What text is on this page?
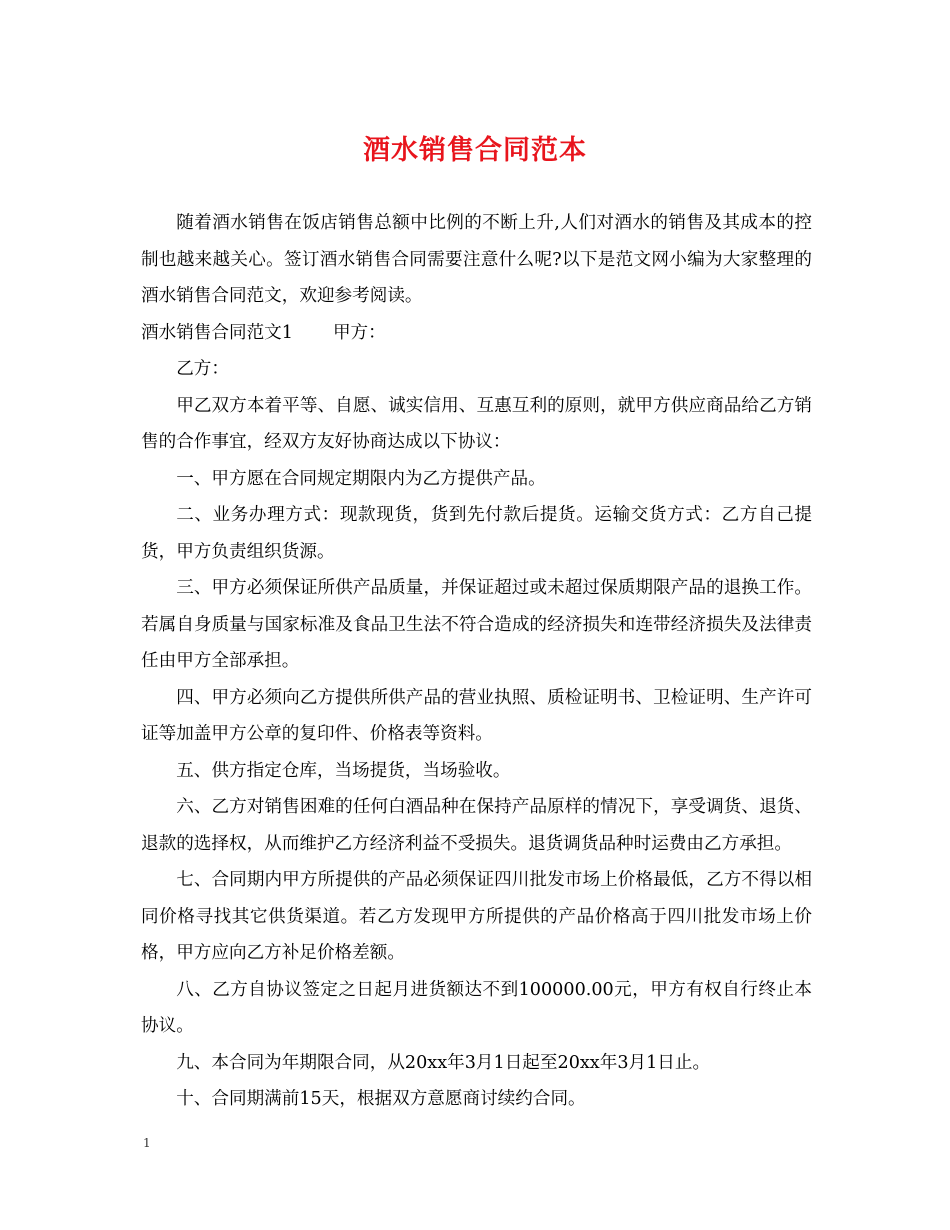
酒水销售合同范本

随着酒水销售在饭店销售总额中比例的不断上升,人们对酒水的销售及其成本的控制也越来越关心。签订酒水销售合同需要注意什么呢?以下是范文网小编为大家整理的酒水销售合同范文，欢迎参考阅读。

酒水销售合同范文1 甲方：

乙方：

甲乙双方本着平等、自愿、诚实信用、互惠互利的原则，就甲方供应商品给乙方销售的合作事宜，经双方友好协商达成以下协议：

一、甲方愿在合同规定期限内为乙方提供产品。

二、业务办理方式：现款现货，货到先付款后提货。运输交货方式：乙方自己提货，甲方负责组织货源。

三、甲方必须保证所供产品质量，并保证超过或未超过保质期限产品的退换工作。若属自身质量与国家标准及食品卫生法不符合造成的经济损失和连带经济损失及法律责任由甲方全部承担。

四、甲方必须向乙方提供所供产品的营业执照、质检证明书、卫检证明、生产许可证等加盖甲方公章的复印件、价格表等资料。

五、供方指定仓库，当场提货，当场验收。

六、乙方对销售困难的任何白酒品种在保持产品原样的情况下，享受调货、退货、退款的选择权，从而维护乙方经济利益不受损失。退货调货品种时运费由乙方承担。

七、合同期内甲方所提供的产品必须保证四川批发市场上价格最低，乙方不得以相同价格寻找其它供货渠道。若乙方发现甲方所提供的产品价格高于四川批发市场上价格，甲方应向乙方补足价格差额。

八、乙方自协议签定之日起月进货额达不到100000.00元，甲方有权自行终止本协议。

九、本合同为年期限合同，从20xx年3月1日起至20xx年3月1日止。

十、合同期满前15天，根据双方意愿商讨续约合同。

1
